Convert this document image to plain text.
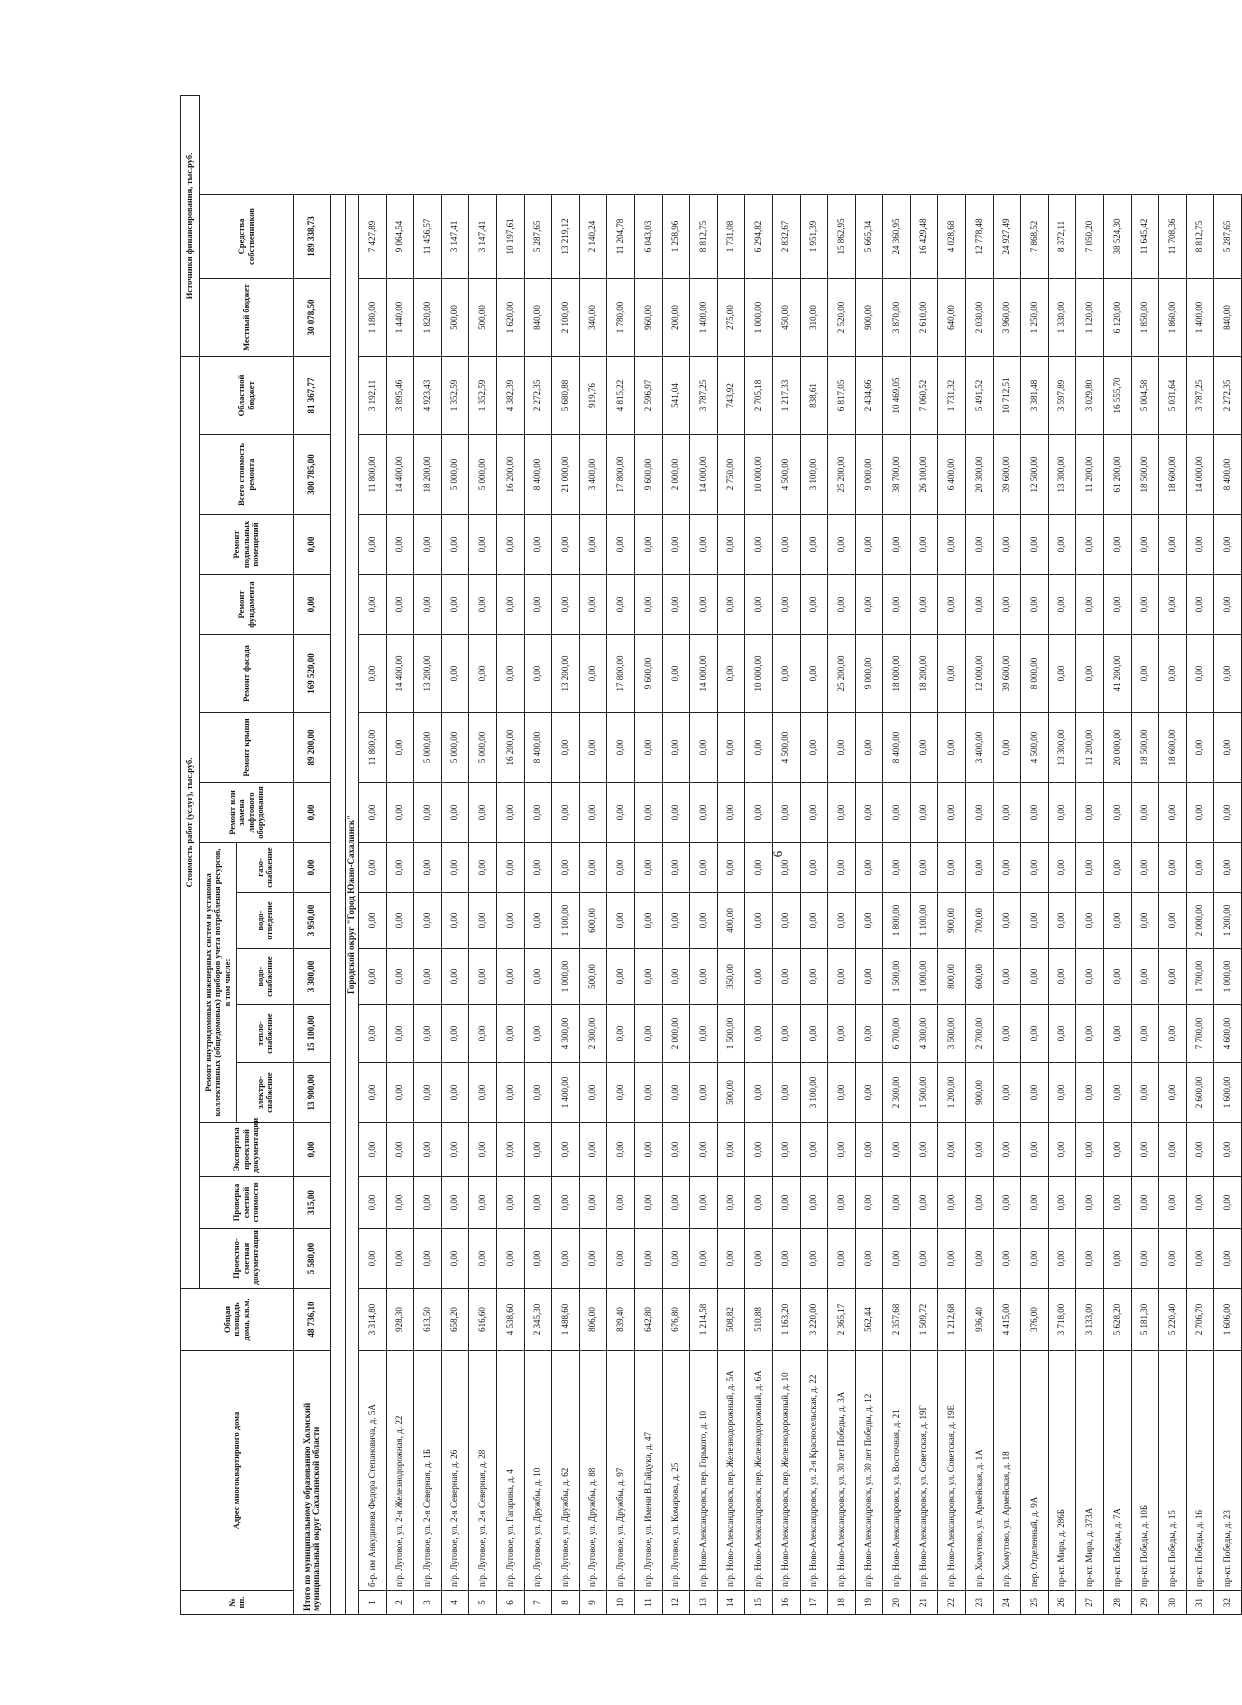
6
№ пп.	Адрес многоквартирного дома	Общая площадь дома, кв.м.	Стоимость работ (услуг), тыс.руб.															Источники финансирования, тыс.руб.	
			Проектно-сметная документация	Проверка сметной стоимости	Экспертиза проектной документации	Ремонт внутридомовых инженерных систем и установка коллективных (общедомовых) приборов учета потребления ресурсов, в том числе:					Ремонт или замена лифтового оборудования	Ремонт крыши	Ремонт фасада	Ремонт фундамента	Ремонт подвальных помещений	Всего стоимость ремонта	Областной бюджет	Местный бюджет	Средства собственников
						электро-снабжение	тепло-снабжение	водо-снабжение	водо-отведение	газо-снабжение									
Итого по муниципальному образованию Холмский муниципальный округ Сахалинской области		48 736,10	5 580,00	315,00	0,00	13 900,00	15 100,00	3 300,00	3 950,00	0,00	0,00	89 200,00	169 520,00	0,00	0,00	300 785,00	81 367,77	30 078,50	189 338,73

Городской округ "Город Южно-Сахалинск"																			
1	б-р. им Анкудинова Федора Степановича, д. 5А	3 314,80	0,00	0,00	0,00	0,00	0,00	0,00	0,00	0,00	0,00	11 800,00	0,00	0,00	0,00	11 800,00	3 192,11	1 180,00	7 427,89
2	п/р. Луговое, ул. 2-я Железнодорожная, д. 22	928,30	0,00	0,00	0,00	0,00	0,00	0,00	0,00	0,00	0,00	0,00	14 400,00	0,00	0,00	14 400,00	3 895,46	1 440,00	9 064,54
3	п/р. Луговое, ул. 2-я Северная, д. 1Б	613,50	0,00	0,00	0,00	0,00	0,00	0,00	0,00	0,00	0,00	5 000,00	13 200,00	0,00	0,00	18 200,00	4 923,43	1 820,00	11 456,57
4	п/р. Луговое, ул. 2-я Северная, д. 26	658,20	0,00	0,00	0,00	0,00	0,00	0,00	0,00	0,00	0,00	5 000,00	0,00	0,00	0,00	5 000,00	1 352,59	500,00	3 147,41
5	п/р. Луговое, ул. 2-я Северная, д. 28	616,60	0,00	0,00	0,00	0,00	0,00	0,00	0,00	0,00	0,00	5 000,00	0,00	0,00	0,00	5 000,00	1 352,59	500,00	3 147,41
6	п/р. Луговое, ул. Гагарина, д. 4	4 538,60	0,00	0,00	0,00	0,00	0,00	0,00	0,00	0,00	0,00	16 200,00	0,00	0,00	0,00	16 200,00	4 382,39	1 620,00	10 197,61
7	п/р. Луговое, ул. Дружбы, д. 10	2 345,30	0,00	0,00	0,00	0,00	0,00	0,00	0,00	0,00	0,00	8 400,00	0,00	0,00	0,00	8 400,00	2 272,35	840,00	5 287,65
8	п/р. Луговое, ул. Дружбы, д. 62	1 488,60	0,00	0,00	0,00	1 400,00	4 300,00	1 000,00	1 100,00	0,00	0,00	0,00	13 200,00	0,00	0,00	21 000,00	5 680,88	2 100,00	13 219,12
9	п/р. Луговое, ул. Дружбы, д. 88	806,00	0,00	0,00	0,00	0,00	2 300,00	500,00	600,00	0,00	0,00	0,00	0,00	0,00	0,00	3 400,00	919,76	340,00	2 140,24
10	п/р. Луговое, ул. Дружбы, д. 97	839,40	0,00	0,00	0,00	0,00	0,00	0,00	0,00	0,00	0,00	0,00	17 800,00	0,00	0,00	17 800,00	4 815,22	1 780,00	11 204,78
11	п/р. Луговое, ул. Имени В.Гайдука, д. 47	642,80	0,00	0,00	0,00	0,00	0,00	0,00	0,00	0,00	0,00	0,00	9 600,00	0,00	0,00	9 600,00	2 596,97	960,00	6 043,03
12	п/р. Луговое, ул. Комарова, д. 25	676,80	0,00	0,00	0,00	0,00	2 000,00	0,00	0,00	0,00	0,00	0,00	0,00	0,00	0,00	2 000,00	541,04	200,00	1 258,96
13	п/р. Ново-Александровск, пер. Горького, д. 10	1 214,58	0,00	0,00	0,00	0,00	0,00	0,00	0,00	0,00	0,00	0,00	14 000,00	0,00	0,00	14 000,00	3 787,25	1 400,00	8 812,75
14	п/р. Ново-Александровск, пер. Железнодорожный, д. 5А	508,82	0,00	0,00	0,00	500,00	1 500,00	350,00	400,00	0,00	0,00	0,00	0,00	0,00	0,00	2 750,00	743,92	275,00	1 731,08
15	п/р. Ново-Александровск, пер. Железнодорожный, д. 6А	510,88	0,00	0,00	0,00	0,00	0,00	0,00	0,00	0,00	0,00	0,00	10 000,00	0,00	0,00	10 000,00	2 705,18	1 000,00	6 294,82
16	п/р. Ново-Александровск, пер. Железнодорожный, д. 10	1 163,20	0,00	0,00	0,00	0,00	0,00	0,00	0,00	0,00	0,00	4 500,00	0,00	0,00	0,00	4 500,00	1 217,33	450,00	2 832,67
17	п/р. Ново-Александровск, ул. 2-я Красносельская, д. 22	3 220,00	0,00	0,00	0,00	3 100,00	0,00	0,00	0,00	0,00	0,00	0,00	0,00	0,00	0,00	3 100,00	838,61	310,00	1 951,39
18	п/р. Ново-Александровск, ул. 30 лет Победы, д. 3А	2 365,17	0,00	0,00	0,00	0,00	0,00	0,00	0,00	0,00	0,00	0,00	25 200,00	0,00	0,00	25 200,00	6 817,05	2 520,00	15 862,95
19	п/р. Ново-Александровск, ул. 30 лет Победы, д. 12	562,44	0,00	0,00	0,00	0,00	0,00	0,00	0,00	0,00	0,00	0,00	9 000,00	0,00	0,00	9 000,00	2 434,66	900,00	5 665,34
20	п/р. Ново-Александровск, ул. Восточная, д. 21	2 357,68	0,00	0,00	0,00	2 300,00	6 700,00	1 500,00	1 800,00	0,00	0,00	8 400,00	18 000,00	0,00	0,00	38 700,00	10 469,05	3 870,00	24 360,95
21	п/р. Ново-Александровск, ул. Советская, д. 19Г	1 509,72	0,00	0,00	0,00	1 500,00	4 300,00	1 000,00	1 100,00	0,00	0,00	0,00	18 200,00	0,00	0,00	26 100,00	7 060,52	2 610,00	16 429,48
22	п/р. Ново-Александровск, ул. Советская, д. 19Е	1 212,68	0,00	0,00	0,00	1 200,00	3 500,00	800,00	900,00	0,00	0,00	0,00	0,00	0,00	0,00	6 400,00	1 731,32	640,00	4 028,68
23	п/р. Хомутово, ул. Армейская, д. 1А	936,40	0,00	0,00	0,00	900,00	2 700,00	600,00	700,00	0,00	0,00	3 400,00	12 000,00	0,00	0,00	20 300,00	5 491,52	2 030,00	12 778,48
24	п/р. Хомутово, ул. Армейская, д. 18	4 415,00	0,00	0,00	0,00	0,00	0,00	0,00	0,00	0,00	0,00	0,00	39 600,00	0,00	0,00	39 600,00	10 712,51	3 960,00	24 927,49
25	пер. Отделенный, д. 9А	376,00	0,00	0,00	0,00	0,00	0,00	0,00	0,00	0,00	0,00	4 500,00	8 000,00	0,00	0,00	12 500,00	3 381,48	1 250,00	7 868,52
26	пр-кт. Мира, д. 286Б	3 718,00	0,00	0,00	0,00	0,00	0,00	0,00	0,00	0,00	0,00	13 300,00	0,00	0,00	0,00	13 300,00	3 597,89	1 330,00	8 372,11
27	пр-кт. Мира, д. 373А	3 133,00	0,00	0,00	0,00	0,00	0,00	0,00	0,00	0,00	0,00	11 200,00	0,00	0,00	0,00	11 200,00	3 029,80	1 120,00	7 050,20
28	пр-кт. Победы, д. 7А	5 628,20	0,00	0,00	0,00	0,00	0,00	0,00	0,00	0,00	0,00	20 000,00	41 200,00	0,00	0,00	61 200,00	16 555,70	6 120,00	38 524,30
29	пр-кт. Победы, д. 10Б	5 181,30	0,00	0,00	0,00	0,00	0,00	0,00	0,00	0,00	0,00	18 500,00	0,00	0,00	0,00	18 500,00	5 004,58	1 850,00	11 645,42
30	пр-кт. Победы, д. 15	5 220,40	0,00	0,00	0,00	0,00	0,00	0,00	0,00	0,00	0,00	18 600,00	0,00	0,00	0,00	18 600,00	5 031,64	1 860,00	11 708,36
31	пр-кт. Победы, д. 16	2 706,70	0,00	0,00	0,00	2 600,00	7 700,00	1 700,00	2 000,00	0,00	0,00	0,00	0,00	0,00	0,00	14 000,00	3 787,25	1 400,00	8 812,75
32	пр-кт. Победы, д. 23	1 606,00	0,00	0,00	0,00	1 600,00	4 600,00	1 000,00	1 200,00	0,00	0,00	0,00	0,00	0,00	0,00	8 400,00	2 272,35	840,00	5 287,65
